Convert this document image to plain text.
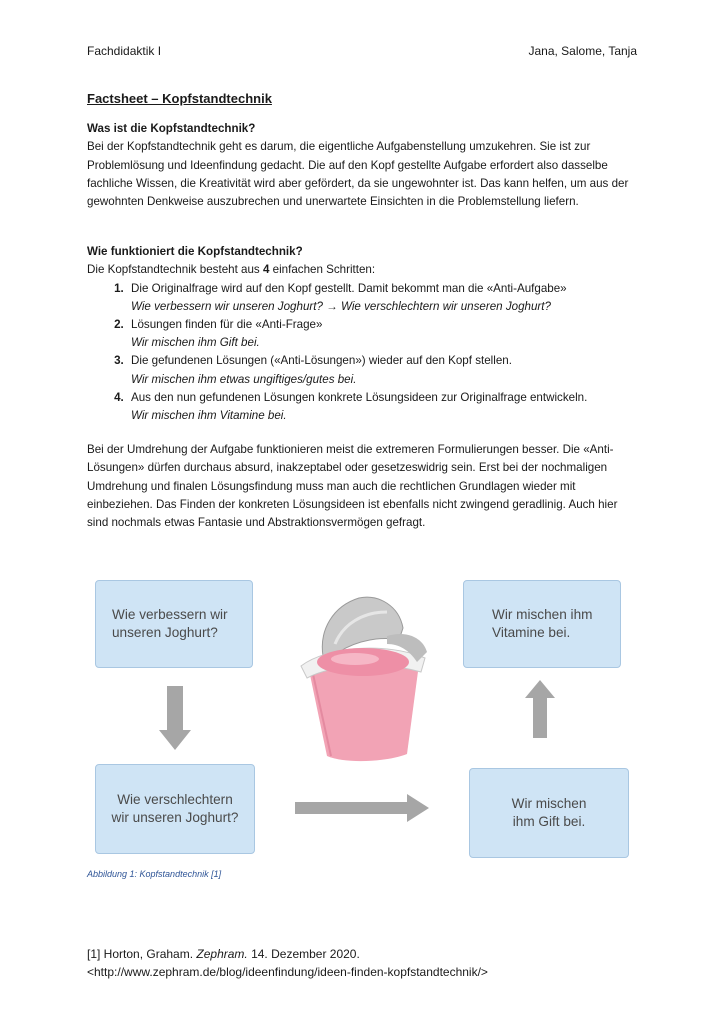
Fachdidaktik I	Jana, Salome, Tanja

Factsheet – Kopfstandtechnik

Was ist die Kopfstandtechnik?

Bei der Kopfstandtechnik geht es darum, die eigentliche Aufgabenstellung umzukehren. Sie ist zur Problemlösung und Ideenfindung gedacht. Die auf den Kopf gestellte Aufgabe erfordert also dasselbe fachliche Wissen, die Kreativität wird aber gefördert, da sie ungewohnter ist. Das kann helfen, um aus der gewohnten Denkweise auszubrechen und unerwartete Einsichten in die Problemstellung liefern.

Wie funktioniert die Kopfstandtechnik?

Die Kopfstandtechnik besteht aus 4 einfachen Schritten:

1. Die Originalfrage wird auf den Kopf gestellt. Damit bekommt man die «Anti-Aufgabe»
Wie verbessern wir unseren Joghurt? → Wie verschlechtern wir unseren Joghurt?
2. Lösungen finden für die «Anti-Frage»
Wir mischen ihm Gift bei.
3. Die gefundenen Lösungen («Anti-Lösungen») wieder auf den Kopf stellen.
Wir mischen ihm etwas ungiftiges/gutes bei.
4. Aus den nun gefundenen Lösungen konkrete Lösungsideen zur Originalfrage entwickeln.
Wir mischen ihm Vitamine bei.

Bei der Umdrehung der Aufgabe funktionieren meist die extremeren Formulierungen besser. Die «Anti-Lösungen» dürfen durchaus absurd, inakzeptabel oder gesetzeswidrig sein. Erst bei der nochmaligen Umdrehung und finalen Lösungsfindung muss man auch die rechtlichen Grundlagen wieder mit einbeziehen. Das Finden der konkreten Lösungsideen ist ebenfalls nicht zwingend geradlinig. Auch hier sind nochmals etwas Fantasie und Abstraktionsvermögen gefragt.

Wie verbessern wir
unseren Joghurt?
Wir mischen ihm
Vitamine bei.
Wie verschlechtern
wir unseren Joghurt?
Wir mischen
ihm Gift bei.
Abbildung 1: Kopfstandtechnik [1]
[1] Horton, Graham. Zephram. 14. Dezember 2020.
<http://www.zephram.de/blog/ideenfindung/ideen-finden-kopfstandtechnik/>
